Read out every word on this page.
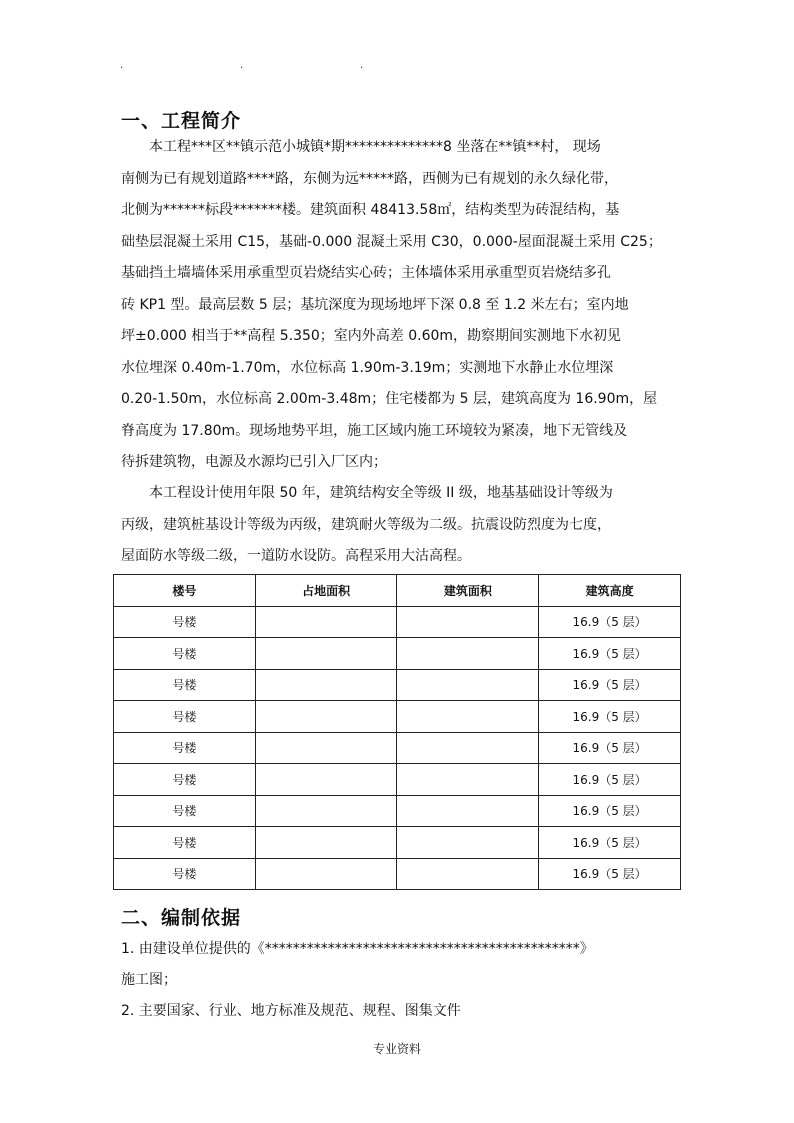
.	.	.
一、工程简介
本工程***区**镇示范小城镇*期**************8 坐落在**镇**村， 现场
南侧为已有规划道路****路，东侧为远*****路，西侧为已有规划的永久绿化带，
北侧为******标段*******楼。建筑面积 48413.58㎡，结构类型为砖混结构，基
础垫层混凝土采用 C15，基础-0.000 混凝土采用 C30，0.000-屋面混凝土采用 C25；
基础挡土墙墙体采用承重型页岩烧结实心砖；主体墙体采用承重型页岩烧结多孔
砖 KP1 型。最高层数 5 层；基坑深度为现场地坪下深 0.8 至 1.2 米左右；室内地
坪±0.000 相当于**高程 5.350；室内外高差 0.60m，勘察期间实测地下水初见
水位埋深 0.40m-1.70m，水位标高 1.90m-3.19m；实测地下水静止水位埋深
0.20-1.50m，水位标高 2.00m-3.48m；住宅楼都为 5 层，建筑高度为 16.90m，屋
脊高度为 17.80m。现场地势平坦，施工区域内施工环境较为紧凑，地下无管线及
待拆建筑物，电源及水源均已引入厂区内；
本工程设计使用年限 50 年，建筑结构安全等级 II 级，地基基础设计等级为
丙级，建筑桩基设计等级为丙级，建筑耐火等级为二级。抗震设防烈度为七度，
屋面防水等级二级，一道防水设防。高程采用大沽高程。
楼号	占地面积	建筑面积	建筑高度
号楼			16.9（5 层）
号楼			16.9（5 层）
号楼			16.9（5 层）
号楼			16.9（5 层）
号楼			16.9（5 层）
号楼			16.9（5 层）
号楼			16.9（5 层）
号楼			16.9（5 层）
号楼			16.9（5 层）
二、编制依据
1. 由建设单位提供的《*********************************************》
施工图；
2. 主要国家、行业、地方标准及规范、规程、图集文件
专业资料
